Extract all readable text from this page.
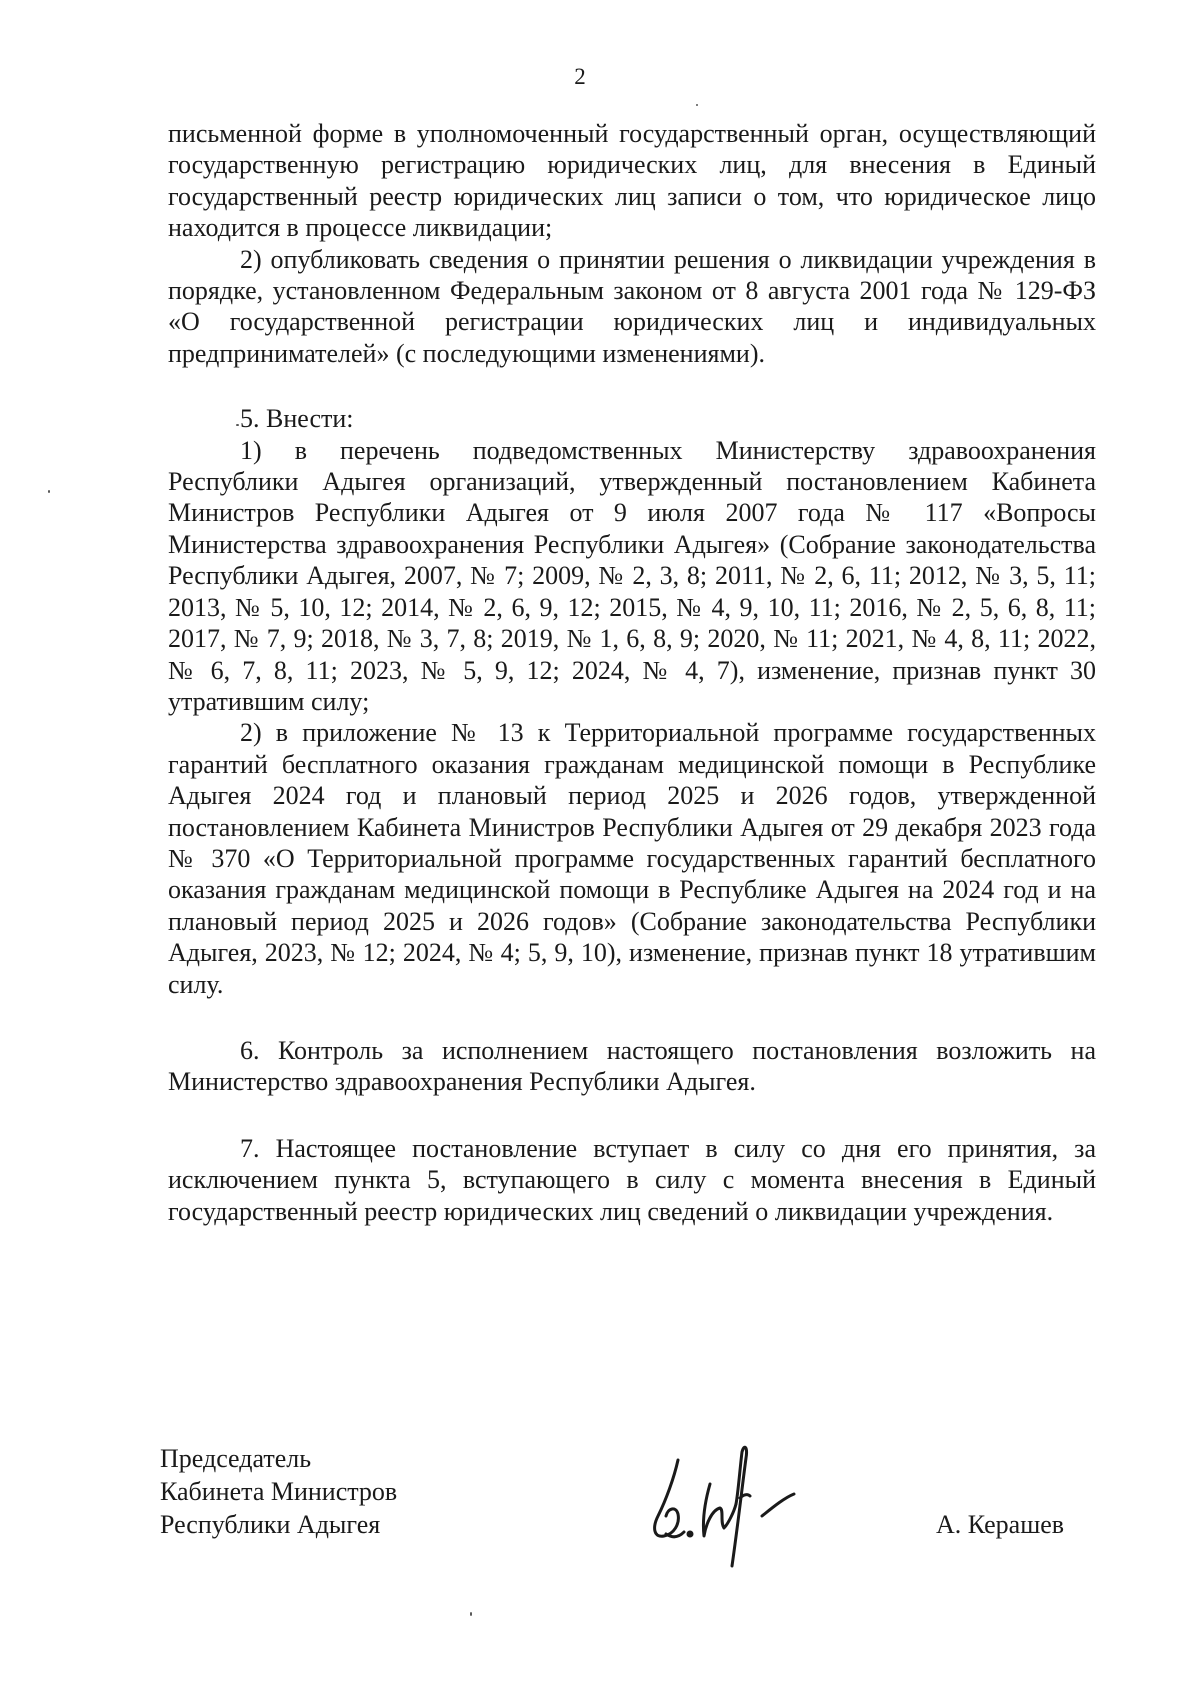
2

письменной форме в уполномоченный государственный орган, осуществляющий государственную регистрацию юридических лиц, для внесения в Единый государственный реестр юридических лиц записи о том, что юридическое лицо находится в процессе ликвидации;

2) опубликовать сведения о принятии решения о ликвидации учреждения в порядке, установленном Федеральным законом от 8 августа 2001 года № 129-ФЗ «О государственной регистрации юридических лиц и индивидуальных предпринимателей» (с последующими изменениями).

5. Внести:

1) в перечень подведомственных Министерству здравоохранения Республики Адыгея организаций, утвержденный постановлением Кабинета Министров Республики Адыгея от 9 июля 2007 года № 117 «Вопросы Министерства здравоохранения Республики Адыгея» (Собрание законодательства Республики Адыгея, 2007, № 7; 2009, № 2, 3, 8; 2011, № 2, 6, 11; 2012, № 3, 5, 11; 2013, № 5, 10, 12; 2014, № 2, 6, 9, 12; 2015, № 4, 9, 10, 11; 2016, № 2, 5, 6, 8, 11; 2017, № 7, 9; 2018, № 3, 7, 8; 2019, № 1, 6, 8, 9; 2020, № 11; 2021, № 4, 8, 11; 2022, № 6, 7, 8, 11; 2023, № 5, 9, 12; 2024, № 4, 7), изменение, признав пункт 30 утратившим силу;

2) в приложение № 13 к Территориальной программе государственных гарантий бесплатного оказания гражданам медицинской помощи в Республике Адыгея 2024 год и плановый период 2025 и 2026 годов, утвержденной постановлением Кабинета Министров Республики Адыгея от 29 декабря 2023 года № 370 «О Территориальной программе государственных гарантий бесплатного оказания гражданам медицинской помощи в Республике Адыгея на 2024 год и на плановый период 2025 и 2026 годов» (Собрание законодательства Республики Адыгея, 2023, № 12; 2024, № 4; 5, 9, 10), изменение, признав пункт 18 утратившим силу.

6. Контроль за исполнением настоящего постановления возложить на Министерство здравоохранения Республики Адыгея.

7. Настоящее постановление вступает в силу со дня его принятия, за исключением пункта 5, вступающего в силу с момента внесения в Единый государственный реестр юридических лиц сведений о ликвидации учреждения.

Председатель
Кабинета Министров
Республики Адыгея	А. Керашев
